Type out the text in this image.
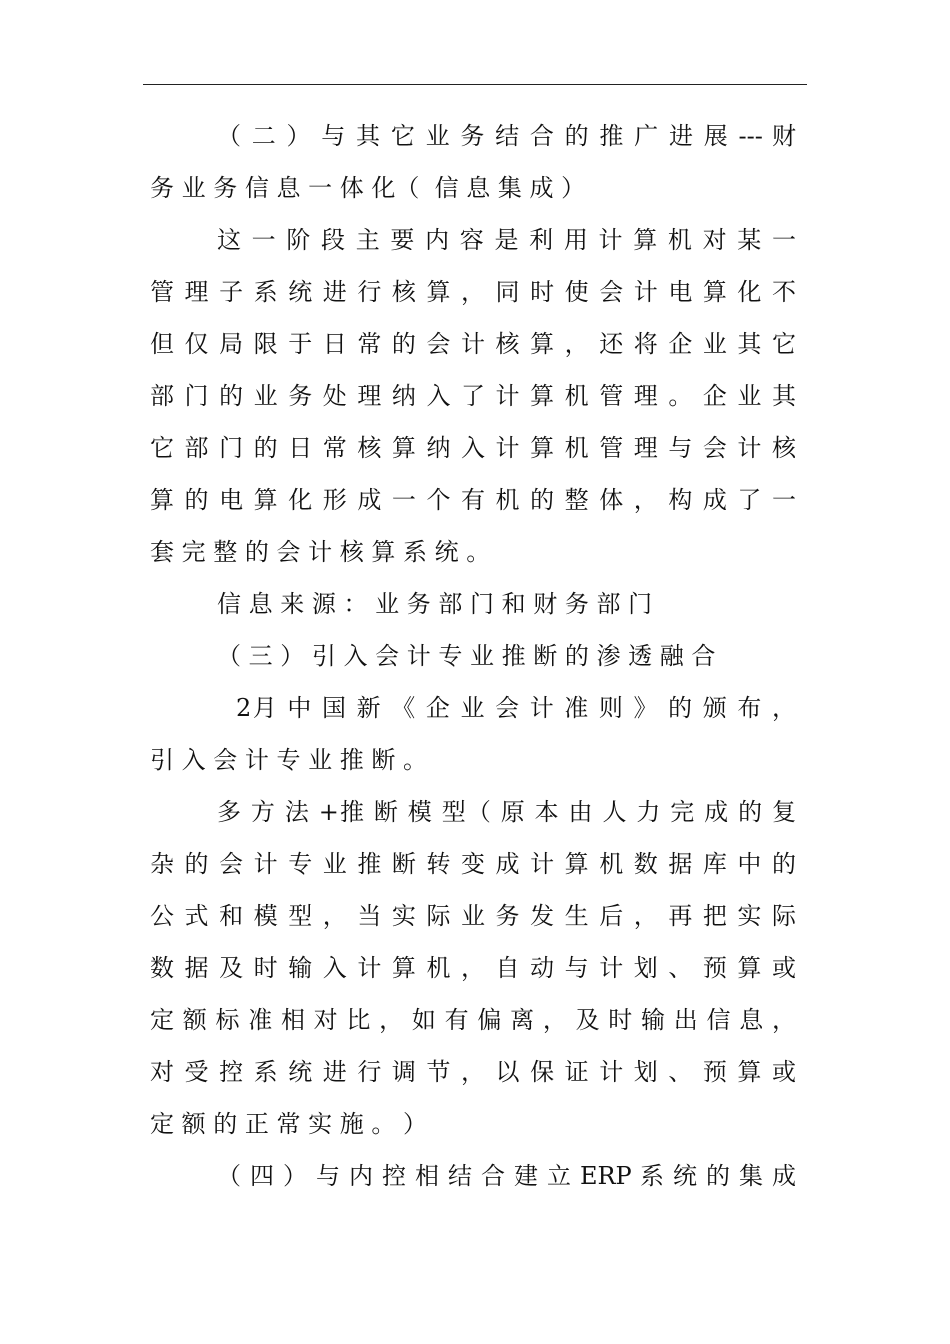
（ 二 ） 与 其 它 业 务 结 合 的 推 广 进 展 --- 财
务 业 务 信 息 一 体 化（  信 息 集 成 ）
这 一 阶 段 主 要 内 容 是 利 用 计 算 机 对 某 一
管 理 子 系 统 进 行 核 算 ， 同 时 使 会 计 电 算 化 不
但 仅 局 限 于 日 常 的 会 计 核 算 ， 还 将 企 业 其 它
部 门 的 业 务 处 理 纳 入 了 计 算 机 管 理 。 企 业 其
它 部 门 的 日 常 核 算 纳 入 计 算 机 管 理 与 会 计 核
算 的 电 算 化 形 成 一 个 有 机 的 整 体 ， 构 成 了 一
套 完 整 的 会 计 核 算 系 统 。
信 息 来 源 ： 业 务 部 门 和 财 务 部 门
（ 三 ） 引 入 会 计 专 业 推 断 的 渗 透 融 合
2月 中 国 新 《 企 业 会 计 准 则 》 的 颁 布 ，
引 入 会 计 专 业 推 断 。
多 方 法 +推 断 模 型（ 原 本 由 人 力 完 成 的 复
杂 的 会 计 专 业 推 断 转 变 成 计 算 机 数 据 库 中 的
公 式 和 模 型 ， 当 实 际 业 务 发 生 后 ， 再 把 实 际
数 据 及 时 输 入 计 算 机 ， 自 动 与 计 划 、 预 算 或
定 额 标 准 相 对 比 ， 如 有 偏 离 ， 及 时 输 出 信 息 ，
对 受 控 系 统 进 行 调 节 ， 以 保 证 计 划 、 预 算 或
定 额 的 正 常 实 施 。 ）
（ 四 ） 与 内 控 相 结 合 建 立 ERP 系 统 的 集 成
